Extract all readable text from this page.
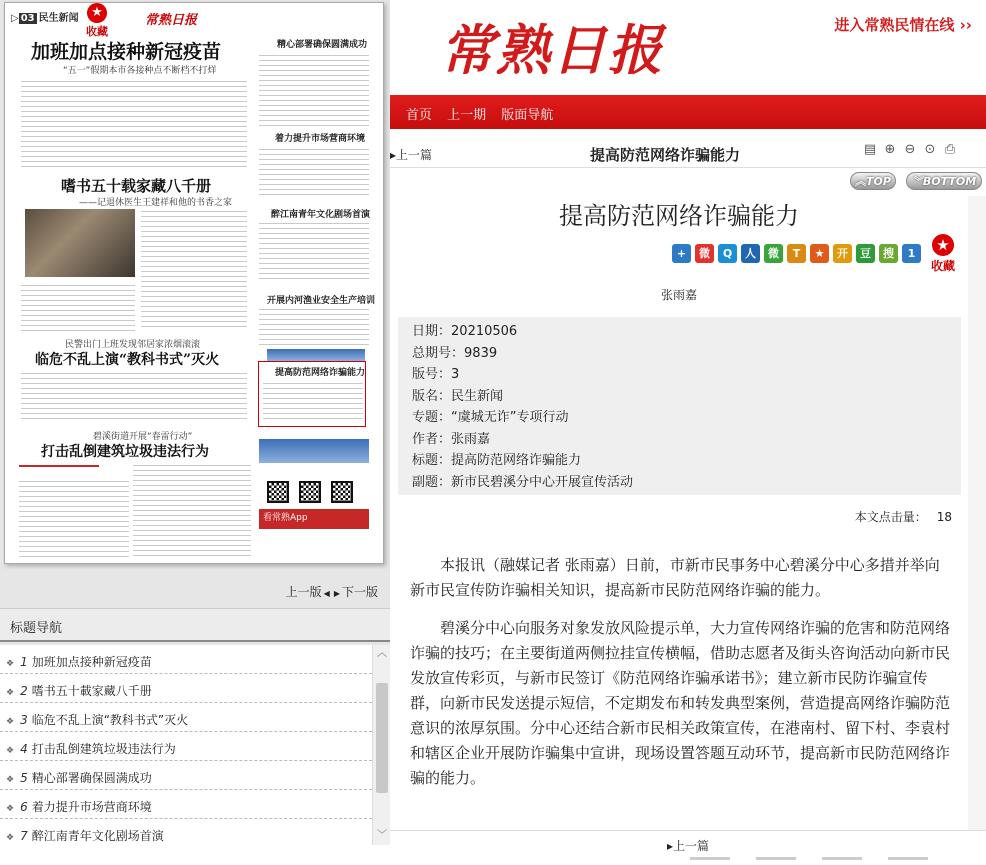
▷ 03 民生新闻 ★
收藏
常熟日报
加班加点接种新冠疫苗
“五一”假期本市各接种点不断档不打烊
嗜书五十载家藏八千册
——记退休医生王建祥和他的书香之家
民警出门上班发现邻居家浓烟滚滚
临危不乱上演“教科书式”灭火
碧溪街道开展“春雷行动”
打击乱倒建筑垃圾违法行为
精心部署确保圆满成功
着力提升市场营商环境
醉江南青年文化剧场首演
开展内河渔业安全生产培训
提高防范网络诈骗能力
看常熟App
上一版 ◀ ▶ 下一版
标题导航
❖ 1 加班加点接种新冠疫苗
❖ 2 嗜书五十載家藏八千册
❖ 3 临危不乱上演“教科书式”灭火
❖ 4 打击乱倒建筑垃圾违法行为
❖ 5 精心部署确保圆满成功
❖ 6 着力提升市场营商环境
❖ 7 醉江南青年文化剧场首演
︿
﹀
常熟日报	进入常熟民情在线 ››
首页 上一期 版面导航
▸上一篇	提高防范网络诈骗能力	▤ ⊕ ⊖ ⊙ ⎙
︽TOP	︾BOTTOM
提高防范网络诈骗能力
+	微	Q	人	微	T	★	开	豆	搜	1	★
收藏
张雨嘉
日期：20210506
总期号：9839
版号：3
版名：民生新闻
专题：“虞城无诈”专项行动
作者：张雨嘉
标题：提高防范网络诈骗能力
副题：新市民碧溪分中心开展宣传活动
本文点击量： 18

本报讯（融媒记者 张雨嘉）日前，市新市民事务中心碧溪分中心多措并举向新市民宣传防诈骗相关知识，提高新市民防范网络诈骗的能力。

碧溪分中心向服务对象发放风险提示单，大力宣传网络诈骗的危害和防范网络诈骗的技巧；在主要街道两侧拉挂宣传横幅，借助志愿者及街头咨询活动向新市民发放宣传彩页，与新市民签订《防范网络诈骗承诺书》；建立新市民防诈骗宣传群，向新市民发送提示短信，不定期发布和转发典型案例，营造提高网络诈骗防范意识的浓厚氛围。分中心还结合新市民相关政策宣传，在港南村、留下村、李袁村和辖区企业开展防诈骗集中宣讲，现场设置答题互动环节，提高新市民防范网络诈骗的能力。

▸上一篇
